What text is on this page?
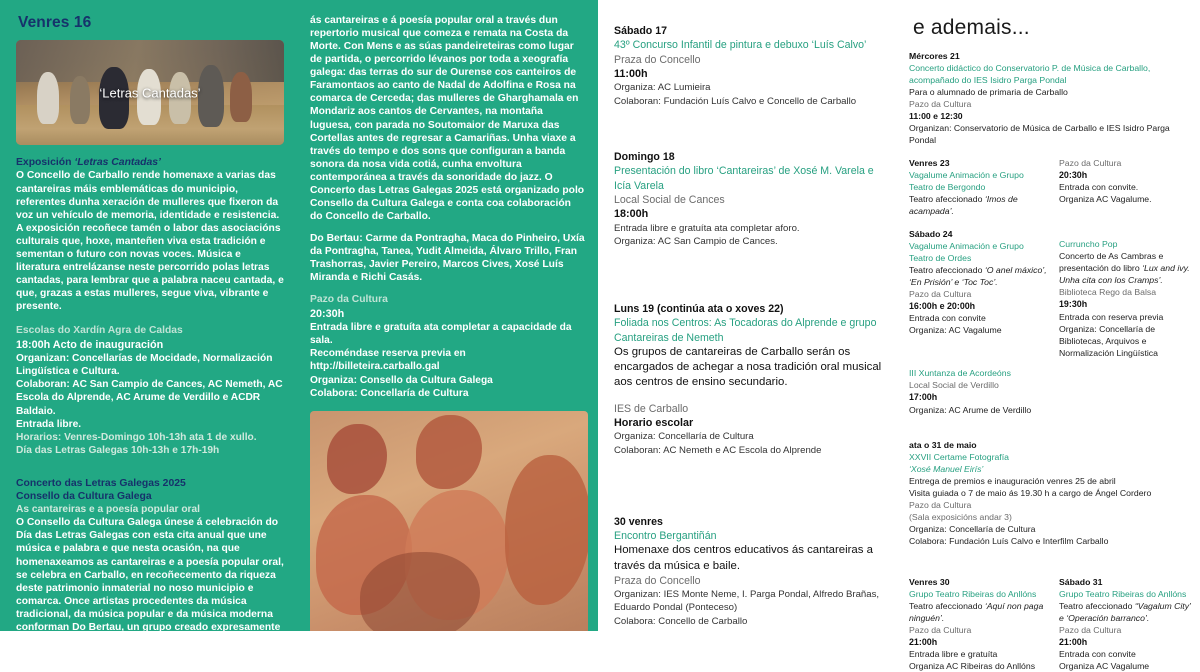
Venres 16
‘Letras Cantadas’
Exposición ‘Letras Cantadas’
O Concello de Carballo rende homenaxe a varias das cantareiras máis emblemáticas do municipio, referentes dunha xeración de mulleres que fixeron da voz un vehículo de memoria, identidade e resistencia. A exposición recoñece tamén o labor das asociacións culturais que, hoxe, manteñen viva esta tradición e sementan o futuro con novas voces. Música e literatura entrelázanse neste percorrido polas letras cantadas, para lembrar que a palabra naceu cantada, e que, grazas a estas mulleres, segue viva, vibrante e presente.
Escolas do Xardín Agra de Caldas
18:00h Acto de inauguración
Organizan: Concellarías de Mocidade, Normalización Lingüística e Cultura.
Colaboran: AC San Campio de Cances, AC Nemeth, AC Escola do Alprende, AC Arume de Verdillo e ACDR Baldaio.
Entrada libre.
Horarios: Venres-Domingo 10h-13h ata 1 de xullo.
Día das Letras Galegas 10h-13h e 17h-19h
Concerto das Letras Galegas 2025
Consello da Cultura Galega
As cantareiras e a poesía popular oral
O Consello da Cultura Galega únese á celebración do Día das Letras Galegas con esta cita anual que une música e palabra e que nesta ocasión, na que homenaxeamos as cantareiras e a poesía popular oral, se celebra en Carballo, en recoñecemento da riqueza deste patrimonio inmaterial no noso municipio e comarca. Once artistas procedentes da música tradicional, da música popular e da música moderna conforman Do Bertau, un grupo creado expresamente para o Concerto das Letras Galegas 2025 co fin de render a súa particular homenaxe
ás cantareiras e á poesía popular oral a través dun repertorio musical que comeza e remata na Costa da Morte. Con Mens e as súas pandeireteiras como lugar de partida, o percorrido lévanos por toda a xeografía galega: das terras do sur de Ourense cos canteiros de Faramontaos ao canto de Nadal de Adolfina e Rosa na comarca de Cerceda; das mulleres de Gharghamala en Mondariz aos cantos de Cervantes, na montaña luguesa, con parada no Soutomaior de Maruxa das Cortellas antes de regresar a Camariñas. Unha viaxe a través do tempo e dos sons que configuran a banda sonora da nosa vida cotiá, cunha envoltura contemporánea a través da sonoridade do jazz. O Concerto das Letras Galegas 2025 está organizado polo Consello da Cultura Galega e conta coa colaboración do Concello de Carballo.
Do Bertau: Carme da Pontragha, Maca do Pinheiro, Uxía da Pontragha, Tanea, Yudit Almeida, Álvaro Trillo, Fran Trashorras, Javier Pereiro, Marcos Cives, Xosé Luís Miranda e Richi Casás.
Pazo da Cultura
20:30h
Entrada libre e gratuíta ata completar a capacidade da sala.
Recoméndase reserva previa en
http://billeteira.carballo.gal
Organiza: Consello da Cultura Galega
Colabora: Concellaría de Cultura
Sábado 17
43º Concurso Infantil de pintura e debuxo ‘Luís Calvo’
Praza do Concello
11:00h
Organiza: AC Lumieira
Colaboran: Fundación Luís Calvo e Concello de Carballo
Domingo 18
Presentación do libro ‘Cantareiras’ de Xosé M. Varela e Icía Varela
Local Social de Cances
18:00h
Entrada libre e gratuíta ata completar aforo.
Organiza: AC San Campio de Cances.
Luns 19 (continúa ata o xoves 22)
Foliada nos Centros: As Tocadoras do Alprende e grupo Cantareiras de Nemeth
Os grupos de cantareiras de Carballo serán os encargados de achegar a nosa tradición oral musical aos centros de ensino secundario.
IES de Carballo
Horario escolar
Organiza: Concellaría de Cultura
Colaboran: AC Nemeth e AC Escola do Alprende
30 venres
Encontro Bergantiñán
Homenaxe dos centros educativos ás cantareiras a través da música e baile.
Praza do Concello
Organizan: IES Monte Neme, I. Parga Pondal, Alfredo Brañas, Eduardo Pondal (Ponteceso)
Colabora: Concello de Carballo
e ademais...
Mércores 21
Concerto didáctico do Conservatorio P. de Música de Carballo, acompañado do IES Isidro Parga Pondal
Para o alumnado de primaria de Carballo
Pazo da Cultura
11:00 e 12:30
Organizan: Conservatorio de Música de Carballo e IES Isidro Parga Pondal
Venres 23
Vagalume Animación e Grupo Teatro de Bergondo
Teatro afeccionado ‘Imos de acampada’.
Sábado 24
Vagalume Animación e Grupo Teatro de Ordes
Teatro afeccionado ‘O anel máxico’, ‘En Prisión’ e ‘Toc Toc’.
Pazo da Cultura
16:00h e 20:00h
Entrada con convite
Organiza: AC Vagalume
III Xuntanza de Acordeóns
Local Social de Verdillo
17:00h
Organiza: AC Arume de Verdillo
Pazo da Cultura
20:30h
Entrada con convite.
Organiza AC Vagalume.
Curruncho Pop
Concerto de As Cambras e presentación do libro ‘Lux and ivy. Unha cita con los Cramps’.
Biblioteca Rego da Balsa
19:30h
Entrada con reserva previa
Organiza: Concellaría de Bibliotecas, Arquivos e Normalización Lingüística
ata o 31 de maio
XXVII Certame Fotografía
‘Xosé Manuel Eirís’
Entrega de premios e inauguración venres 25 de abril
Visita guiada o 7 de maio ás 19.30 h a cargo de Ángel Cordero
Pazo da Cultura
(Sala exposicións andar 3)
Organiza: Concellaría de Cultura
Colabora: Fundación Luís Calvo e Interfilm Carballo
Venres 30
Grupo Teatro Ribeiras do Anllóns
Teatro afeccionado ‘Aquí non paga ninguén’.
Pazo da Cultura
21:00h
Entrada libre e gratuíta
Organiza AC Ribeiras do Anllóns
Sábado 31
Grupo Teatro Ribeiras do Anllóns
Teatro afeccionado “Vagalum City’ e ‘Operación barranco’.
Pazo da Cultura
21:00h
Entrada con convite
Organiza AC Vagalume
